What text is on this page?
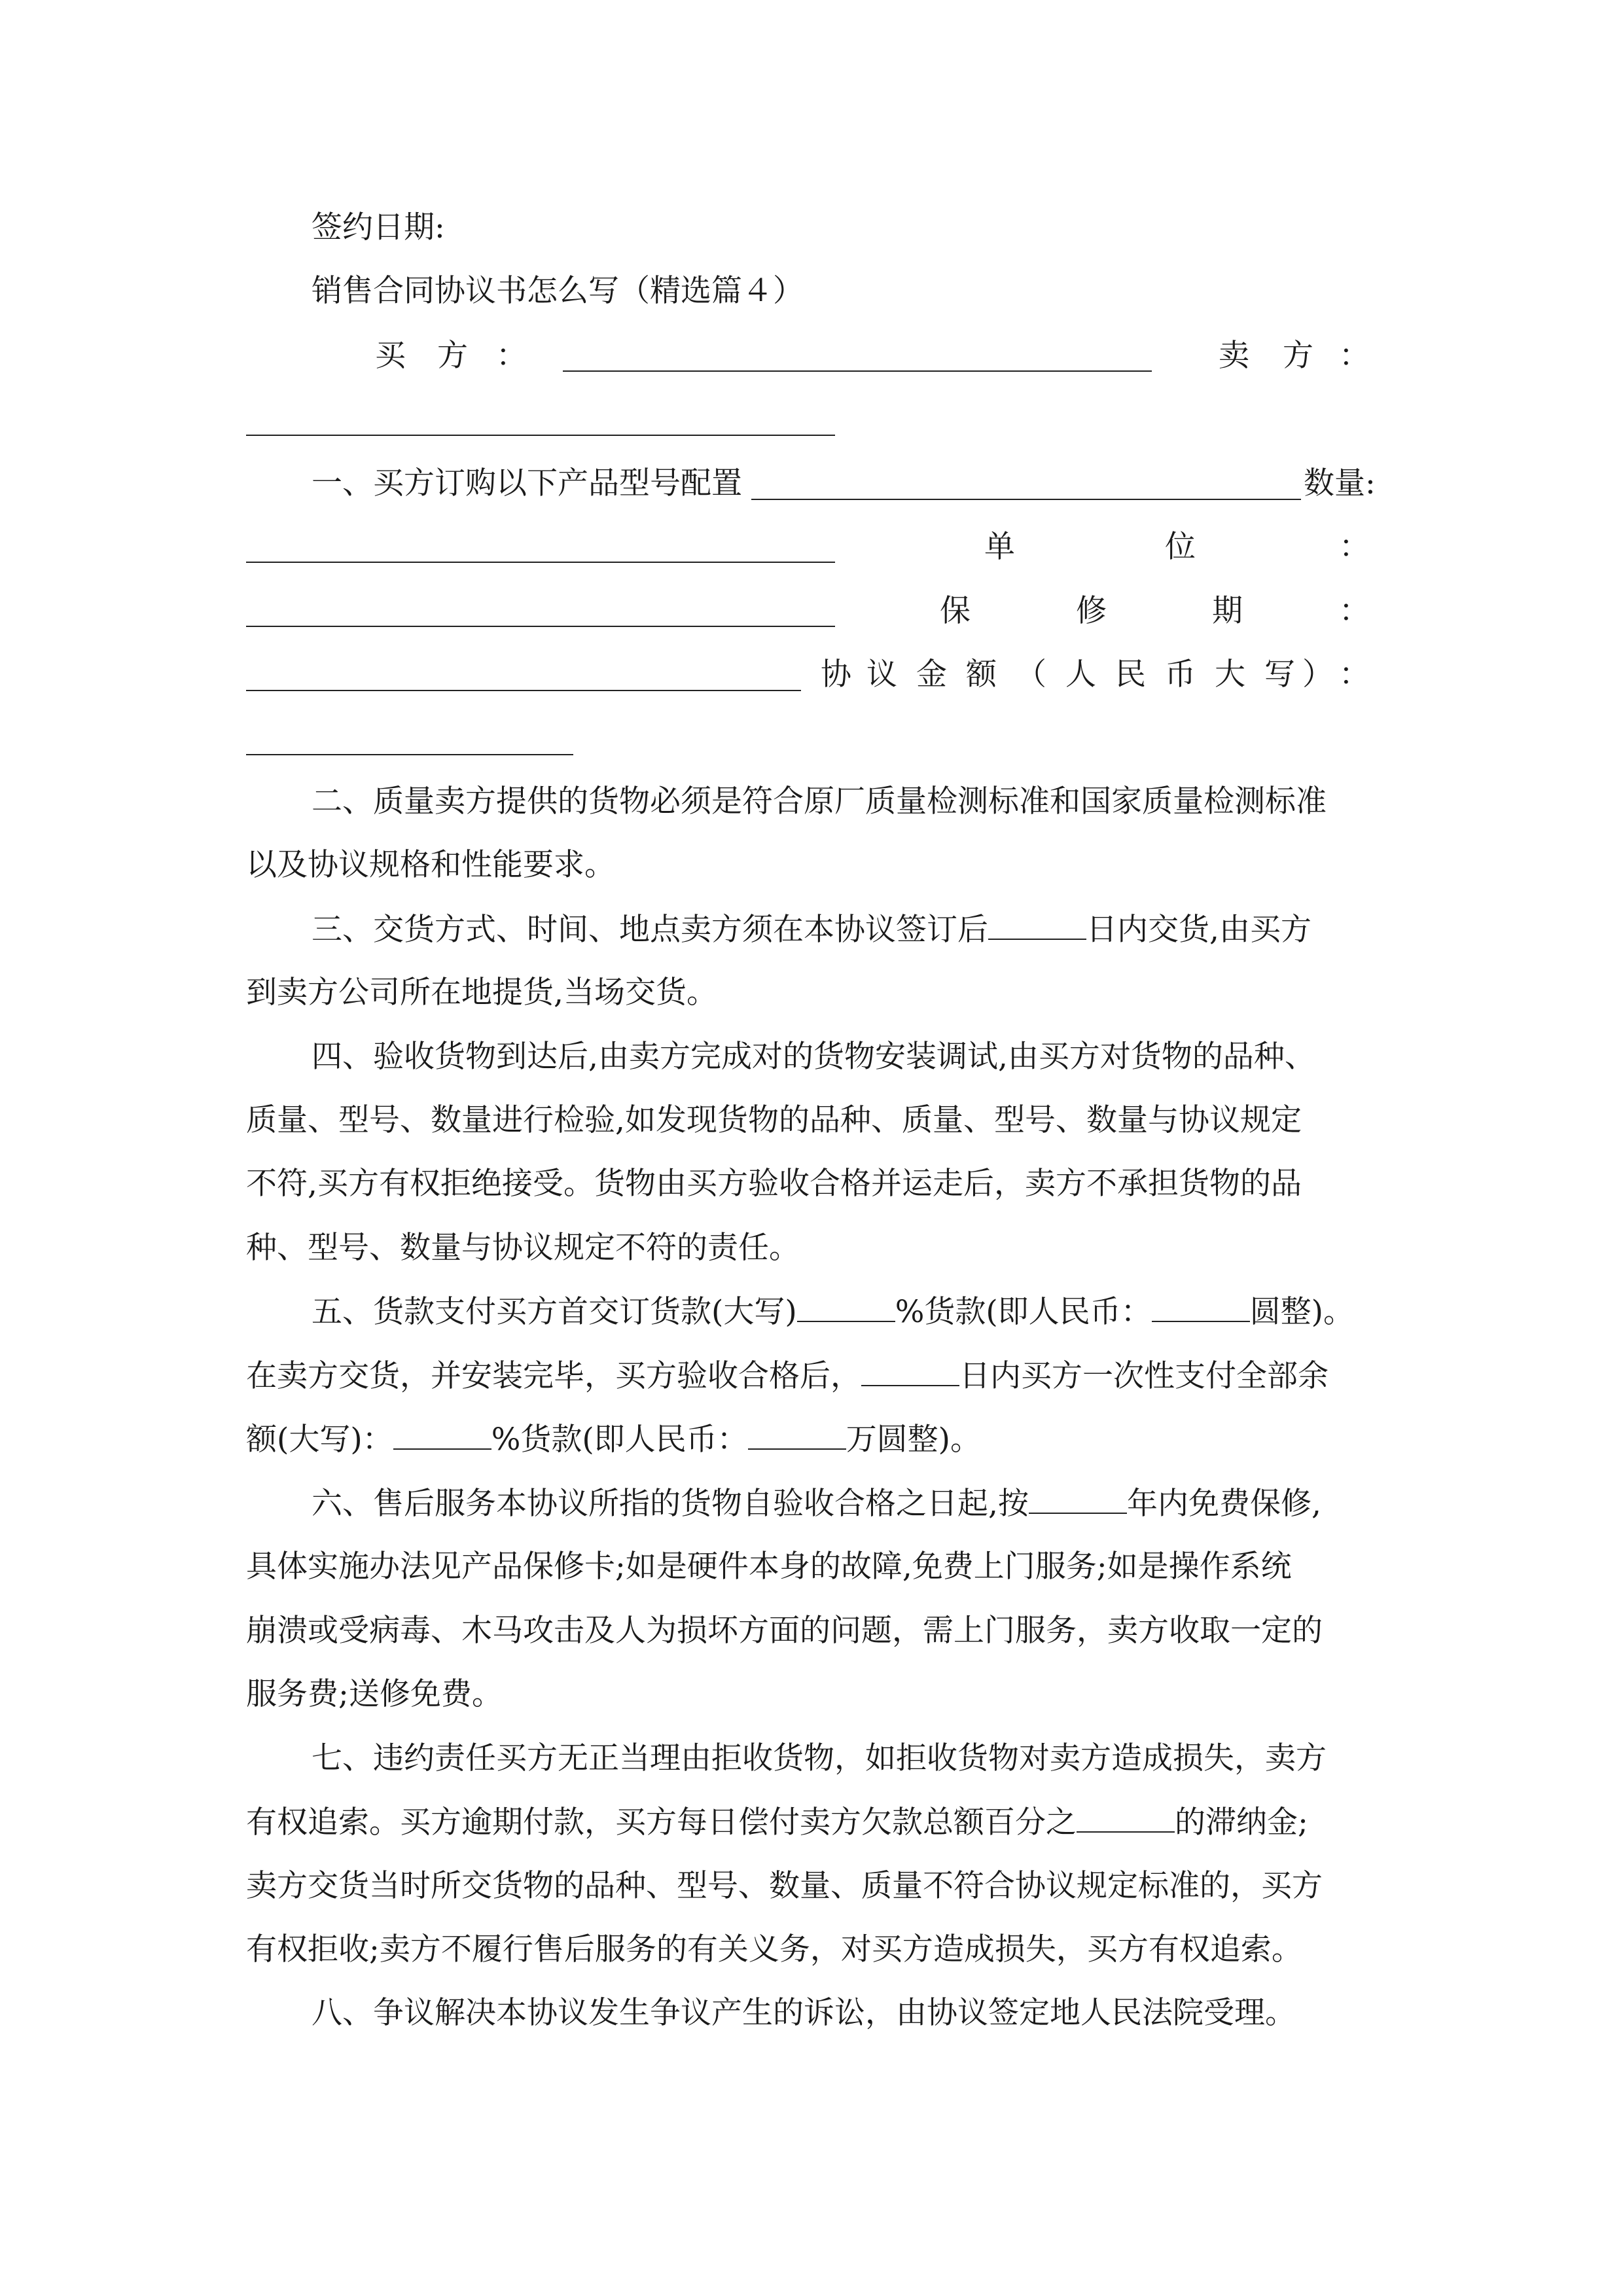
签约日期:
销售合同协议书怎么写（精选篇４）
买 方 ：	卖 方 ：
一、买方订购以下产品型号配置	数量:
单	位	：
保	修	期	：
协 议 金 额 （ 人 民 币 大 写 ） ：
二、质量卖方提供的货物必须是符合原厂质量检测标准和国家质量检测标准
以及协议规格和性能要求。
三、交货方式、时间、地点卖方须在本协议签订后	日内交货,由买方
到卖方公司所在地提货,当场交货。
四、验收货物到达后,由卖方完成对的货物安装调试,由买方对货物的品种、
质量、型号、数量进行检验,如发现货物的品种、质量、型号、数量与协议规定
不符,买方有权拒绝接受。货物由买方验收合格并运走后，卖方不承担货物的品
种、型号、数量与协议规定不符的责任。
五、货款支付买方首交订货款(大写)	%货款(即人民币：	圆整)。
在卖方交货，并安装完毕，买方验收合格后，	日内买方一次性支付全部余
额(大写)：	%货款(即人民币：	万圆整)。
六、售后服务本协议所指的货物自验收合格之日起,按	年内免费保修,
具体实施办法见产品保修卡;如是硬件本身的故障,免费上门服务;如是操作系统
崩溃或受病毒、木马攻击及人为损坏方面的问题，需上门服务，卖方收取一定的
服务费;送修免费。
七、违约责任买方无正当理由拒收货物，如拒收货物对卖方造成损失，卖方
有权追索。买方逾期付款，买方每日偿付卖方欠款总额百分之	的滞纳金;
卖方交货当时所交货物的品种、型号、数量、质量不符合协议规定标准的，买方
有权拒收;卖方不履行售后服务的有关义务，对买方造成损失，买方有权追索。
八、争议解决本协议发生争议产生的诉讼，由协议签定地人民法院受理。
